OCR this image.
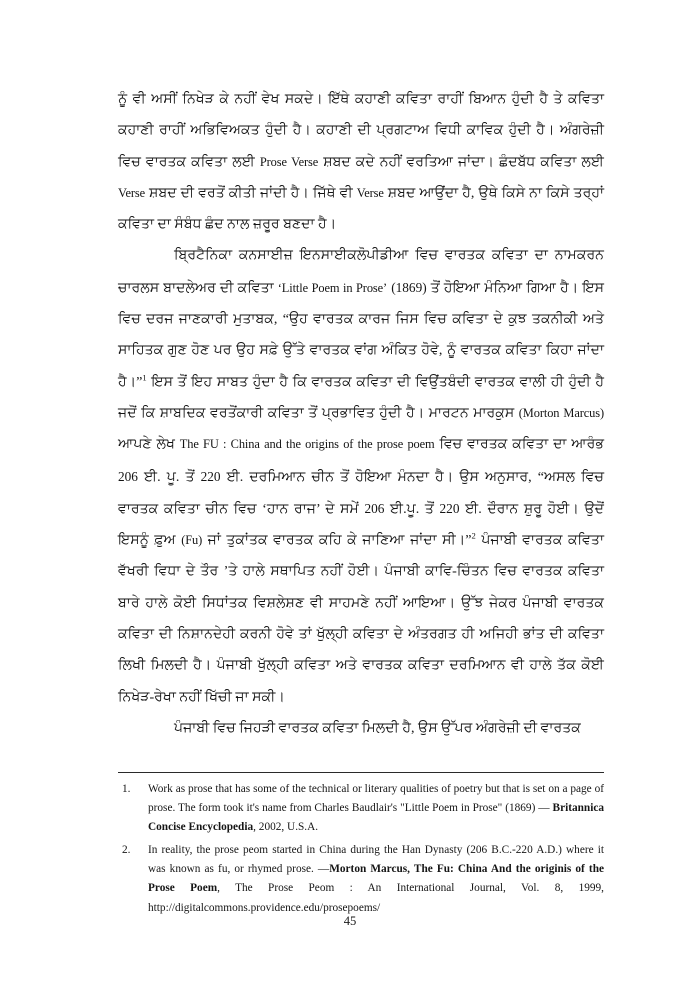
ਨੂੰ ਵੀ ਅਸੀਂ ਨਿਖੇੜ ਕੇ ਨਹੀਂ ਵੇਖ ਸਕਦੇ। ਇੱਥੇ ਕਹਾਣੀ ਕਵਿਤਾ ਰਾਹੀਂ ਬਿਆਨ ਹੁੰਦੀ ਹੈ ਤੇ ਕਵਿਤਾ ਕਹਾਣੀ ਰਾਹੀਂ ਅਭਿਵਿਅਕਤ ਹੁੰਦੀ ਹੈ। ਕਹਾਣੀ ਦੀ ਪ੍ਰਗਟਾਅ ਵਿਧੀ ਕਾਵਿਕ ਹੁੰਦੀ ਹੈ। ਅੰਗਰੇਜ਼ੀ ਵਿਚ ਵਾਰਤਕ ਕਵਿਤਾ ਲਈ Prose Verse ਸ਼ਬਦ ਕਦੇ ਨਹੀਂ ਵਰਤਿਆ ਜਾਂਦਾ। ਛੰਦਬੱਧ ਕਵਿਤਾ ਲਈ Verse ਸ਼ਬਦ ਦੀ ਵਰਤੋਂ ਕੀਤੀ ਜਾਂਦੀ ਹੈ। ਜਿੱਥੇ ਵੀ Verse ਸ਼ਬਦ ਆਉਂਦਾ ਹੈ, ਉਥੇ ਕਿਸੇ ਨਾ ਕਿਸੇ ਤਰ੍ਹਾਂ ਕਵਿਤਾ ਦਾ ਸੰਬੰਧ ਛੰਦ ਨਾਲ ਜ਼ਰੂਰ ਬਣਦਾ ਹੈ।

ਬ੍ਰਿਟੈਨਿਕਾ ਕਨਸਾਈਜ਼ ਇਨਸਾਈਕਲੋਪੀਡੀਆ ਵਿਚ ਵਾਰਤਕ ਕਵਿਤਾ ਦਾ ਨਾਮਕਰਨ ਚਾਰਲਸ ਬਾਦਲੇਅਰ ਦੀ ਕਵਿਤਾ ‘Little Poem in Prose’ (1869) ਤੋਂ ਹੋਇਆ ਮੰਨਿਆ ਗਿਆ ਹੈ। ਇਸ ਵਿਚ ਦਰਜ ਜਾਣਕਾਰੀ ਮੁਤਾਬਕ, “ਉਹ ਵਾਰਤਕ ਕਾਰਜ ਜਿਸ ਵਿਚ ਕਵਿਤਾ ਦੇ ਕੁਝ ਤਕਨੀਕੀ ਅਤੇ ਸਾਹਿਤਕ ਗੁਣ ਹੋਣ ਪਰ ਉਹ ਸਫ਼ੇ ਉੱਤੇ ਵਾਰਤਕ ਵਾਂਗ ਅੰਕਿਤ ਹੋਵੇ, ਨੂੰ ਵਾਰਤਕ ਕਵਿਤਾ ਕਿਹਾ ਜਾਂਦਾ ਹੈ।”$^1$ ਇਸ ਤੋਂ ਇਹ ਸਾਬਤ ਹੁੰਦਾ ਹੈ ਕਿ ਵਾਰਤਕ ਕਵਿਤਾ ਦੀ ਵਿਉਂਤਬੰਦੀ ਵਾਰਤਕ ਵਾਲੀ ਹੀ ਹੁੰਦੀ ਹੈ ਜਦੋਂ ਕਿ ਸ਼ਾਬਦਿਕ ਵਰਤੋਂਕਾਰੀ ਕਵਿਤਾ ਤੋਂ ਪ੍ਰਭਾਵਿਤ ਹੁੰਦੀ ਹੈ। ਮਾਰਟਨ ਮਾਰਕੁਸ (Morton Marcus) ਆਪਣੇ ਲੇਖ The FU : China and the origins of the prose poem ਵਿਚ ਵਾਰਤਕ ਕਵਿਤਾ ਦਾ ਆਰੰਭ 206 ਈ. ਪੂ. ਤੋਂ 220 ਈ. ਦਰਮਿਆਨ ਚੀਨ ਤੋਂ ਹੋਇਆ ਮੰਨਦਾ ਹੈ। ਉਸ ਅਨੁਸਾਰ, “ਅਸਲ ਵਿਚ ਵਾਰਤਕ ਕਵਿਤਾ ਚੀਨ ਵਿਚ ‘ਹਾਨ ਰਾਜ’ ਦੇ ਸਮੇਂ 206 ਈ.ਪੂ. ਤੋਂ 220 ਈ. ਦੌਰਾਨ ਸ਼ੁਰੂ ਹੋਈ। ਉਦੋਂ ਇਸਨੂੰ ਫ਼ੁਅ (Fu) ਜਾਂ ਤੁਕਾਂਤਕ ਵਾਰਤਕ ਕਹਿ ਕੇ ਜਾਣਿਆ ਜਾਂਦਾ ਸੀ।”$^2$ ਪੰਜਾਬੀ ਵਾਰਤਕ ਕਵਿਤਾ ਵੱਖਰੀ ਵਿਧਾ ਦੇ ਤੌਰ ’ਤੇ ਹਾਲੇ ਸਥਾਪਿਤ ਨਹੀਂ ਹੋਈ। ਪੰਜਾਬੀ ਕਾਵਿ-ਚਿੰਤਨ ਵਿਚ ਵਾਰਤਕ ਕਵਿਤਾ ਬਾਰੇ ਹਾਲੇ ਕੋਈ ਸਿਧਾਂਤਕ ਵਿਸ਼ਲੇਸ਼ਣ ਵੀ ਸਾਹਮਣੇ ਨਹੀਂ ਆਇਆ। ਉੱਝ ਜੇਕਰ ਪੰਜਾਬੀ ਵਾਰਤਕ ਕਵਿਤਾ ਦੀ ਨਿਸ਼ਾਨਦੇਹੀ ਕਰਨੀ ਹੋਵੇ ਤਾਂ ਖੁੱਲ੍ਹੀ ਕਵਿਤਾ ਦੇ ਅੰਤਰਗਤ ਹੀ ਅਜਿਹੀ ਭਾਂਤ ਦੀ ਕਵਿਤਾ ਲਿਖੀ ਮਿਲਦੀ ਹੈ। ਪੰਜਾਬੀ ਖੁੱਲ੍ਹੀ ਕਵਿਤਾ ਅਤੇ ਵਾਰਤਕ ਕਵਿਤਾ ਦਰਮਿਆਨ ਵੀ ਹਾਲੇ ਤੱਕ ਕੋਈ ਨਿਖੇੜ-ਰੇਖਾ ਨਹੀਂ ਖਿੱਚੀ ਜਾ ਸਕੀ।

ਪੰਜਾਬੀ ਵਿਚ ਜਿਹੜੀ ਵਾਰਤਕ ਕਵਿਤਾ ਮਿਲਦੀ ਹੈ, ਉਸ ਉੱਪਰ ਅੰਗਰੇਜ਼ੀ ਦੀ ਵਾਰਤਕ

1.	Work as prose that has some of the technical or literary qualities of poetry but that is set on a page of prose. The form took it's name from Charles Baudlair's "Little Poem in Prose" (1869) — Britannica Concise Encyclopedia, 2002, U.S.A.
2.	In reality, the prose peom started in China during the Han Dynasty (206 B.C.-220 A.D.) where it was known as fu, or rhymed prose. —Morton Marcus, The Fu: China And the originis of the Prose Poem, The Prose Peom : An International Journal, Vol. 8, 1999, http://digitalcommons.providence.edu/prosepoems/
45
